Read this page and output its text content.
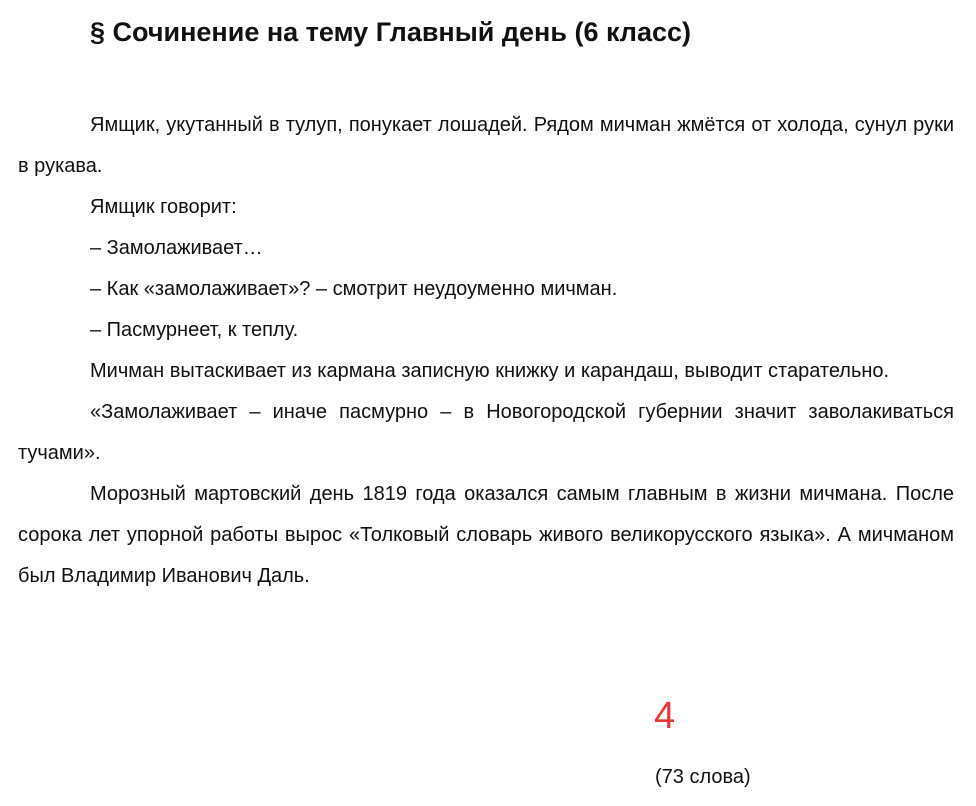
§ Сочинение на тему Главный день (6 класс)

Ямщик, укутанный в тулуп, понукает лошадей. Рядом мичман жмётся от холода, сунул руки в рукава.

Ямщик говорит:

– Замолаживает…

– Как «замолаживает»? – смотрит неудоуменно мичман.

– Пасмурнеет, к теплу.

Мичман вытаскивает из кармана записную книжку и карандаш, выводит старательно.

«Замолаживает – иначе пасмурно – в Новогородской губернии значит заволакиваться тучами».

Морозный мартовский день 1819 года оказался самым главным в жизни мичмана. После сорока лет упорной работы вырос «Толковый словарь живого великорусского языка». А мичманом был Владимир Иванович Даль.

4
(73 слова)
